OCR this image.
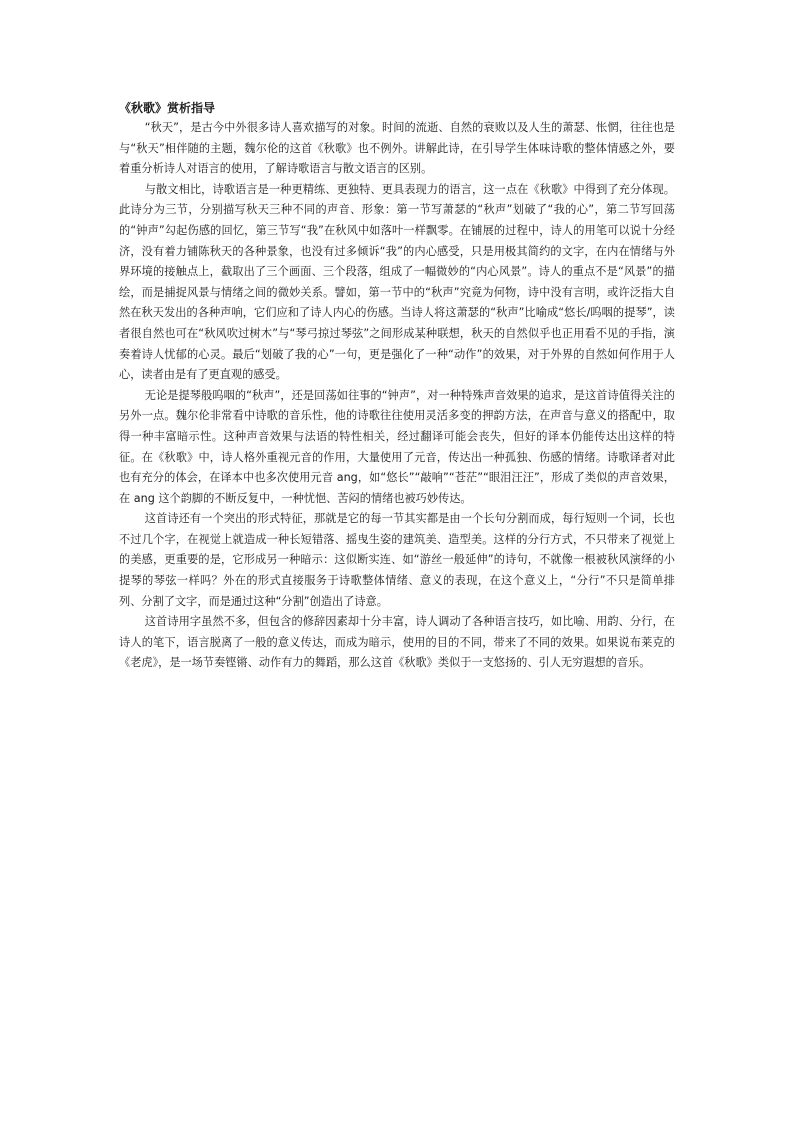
《秋歌》赏析指导

“秋天”，是古今中外很多诗人喜欢描写的对象。时间的流逝、自然的衰败以及人生的萧瑟、怅惘，往往也是与“秋天”相伴随的主题，魏尔伦的这首《秋歌》也不例外。讲解此诗，在引导学生体味诗歌的整体情感之外，要着重分析诗人对语言的使用，了解诗歌语言与散文语言的区别。

与散文相比，诗歌语言是一种更精练、更独特、更具表现力的语言，这一点在《秋歌》中得到了充分体现。此诗分为三节，分别描写秋天三种不同的声音、形象：第一节写萧瑟的“秋声”划破了“我的心”，第二节写回荡的“钟声”勾起伤感的回忆，第三节写“我”在秋风中如落叶一样飘零。在铺展的过程中，诗人的用笔可以说十分经济，没有着力铺陈秋天的各种景象，也没有过多倾诉“我”的内心感受，只是用极其简约的文字，在内在情绪与外界环境的接触点上，截取出了三个画面、三个段落，组成了一幅微妙的“内心风景”。诗人的重点不是“风景”的描绘，而是捕捉风景与情绪之间的微妙关系。譬如，第一节中的“秋声”究竟为何物，诗中没有言明，或许泛指大自然在秋天发出的各种声响，它们应和了诗人内心的伤感。当诗人将这萧瑟的“秋声”比喻成“悠长/呜咽的提琴”，读者很自然也可在“秋风吹过树木”与“琴弓掠过琴弦”之间形成某种联想，秋天的自然似乎也正用看不见的手指，演奏着诗人忧郁的心灵。最后“划破了我的心”一句，更是强化了一种“动作”的效果，对于外界的自然如何作用于人心，读者由是有了更直观的感受。

无论是提琴般呜咽的“秋声”，还是回荡如往事的“钟声”，对一种特殊声音效果的追求，是这首诗值得关注的另外一点。魏尔伦非常看中诗歌的音乐性，他的诗歌往往使用灵活多变的押韵方法，在声音与意义的搭配中，取得一种丰富暗示性。这种声音效果与法语的特性相关，经过翻译可能会丧失，但好的译本仍能传达出这样的特征。在《秋歌》中，诗人格外重视元音的作用，大量使用了元音，传达出一种孤独、伤感的情绪。诗歌译者对此也有充分的体会，在译本中也多次使用元音 ang，如“悠长”“敲响”“苍茫”“眼泪汪汪”，形成了类似的声音效果，在 ang 这个韵脚的不断反复中，一种忧悒、苦闷的情绪也被巧妙传达。

这首诗还有一个突出的形式特征，那就是它的每一节其实都是由一个长句分割而成，每行短则一个词，长也不过几个字，在视觉上就造成一种长短错落、摇曳生姿的建筑美、造型美。这样的分行方式，不只带来了视觉上的美感，更重要的是，它形成另一种暗示：这似断实连、如“游丝一般延伸”的诗句，不就像一根被秋风演绎的小提琴的琴弦一样吗？外在的形式直接服务于诗歌整体情绪、意义的表现，在这个意义上，“分行”不只是简单排列、分割了文字，而是通过这种“分割”创造出了诗意。

这首诗用字虽然不多，但包含的修辞因素却十分丰富，诗人调动了各种语言技巧，如比喻、用韵、分行，在诗人的笔下，语言脱离了一般的意义传达，而成为暗示，使用的目的不同，带来了不同的效果。如果说布莱克的《老虎》，是一场节奏铿锵、动作有力的舞蹈，那么这首《秋歌》类似于一支悠扬的、引人无穷遐想的音乐。
